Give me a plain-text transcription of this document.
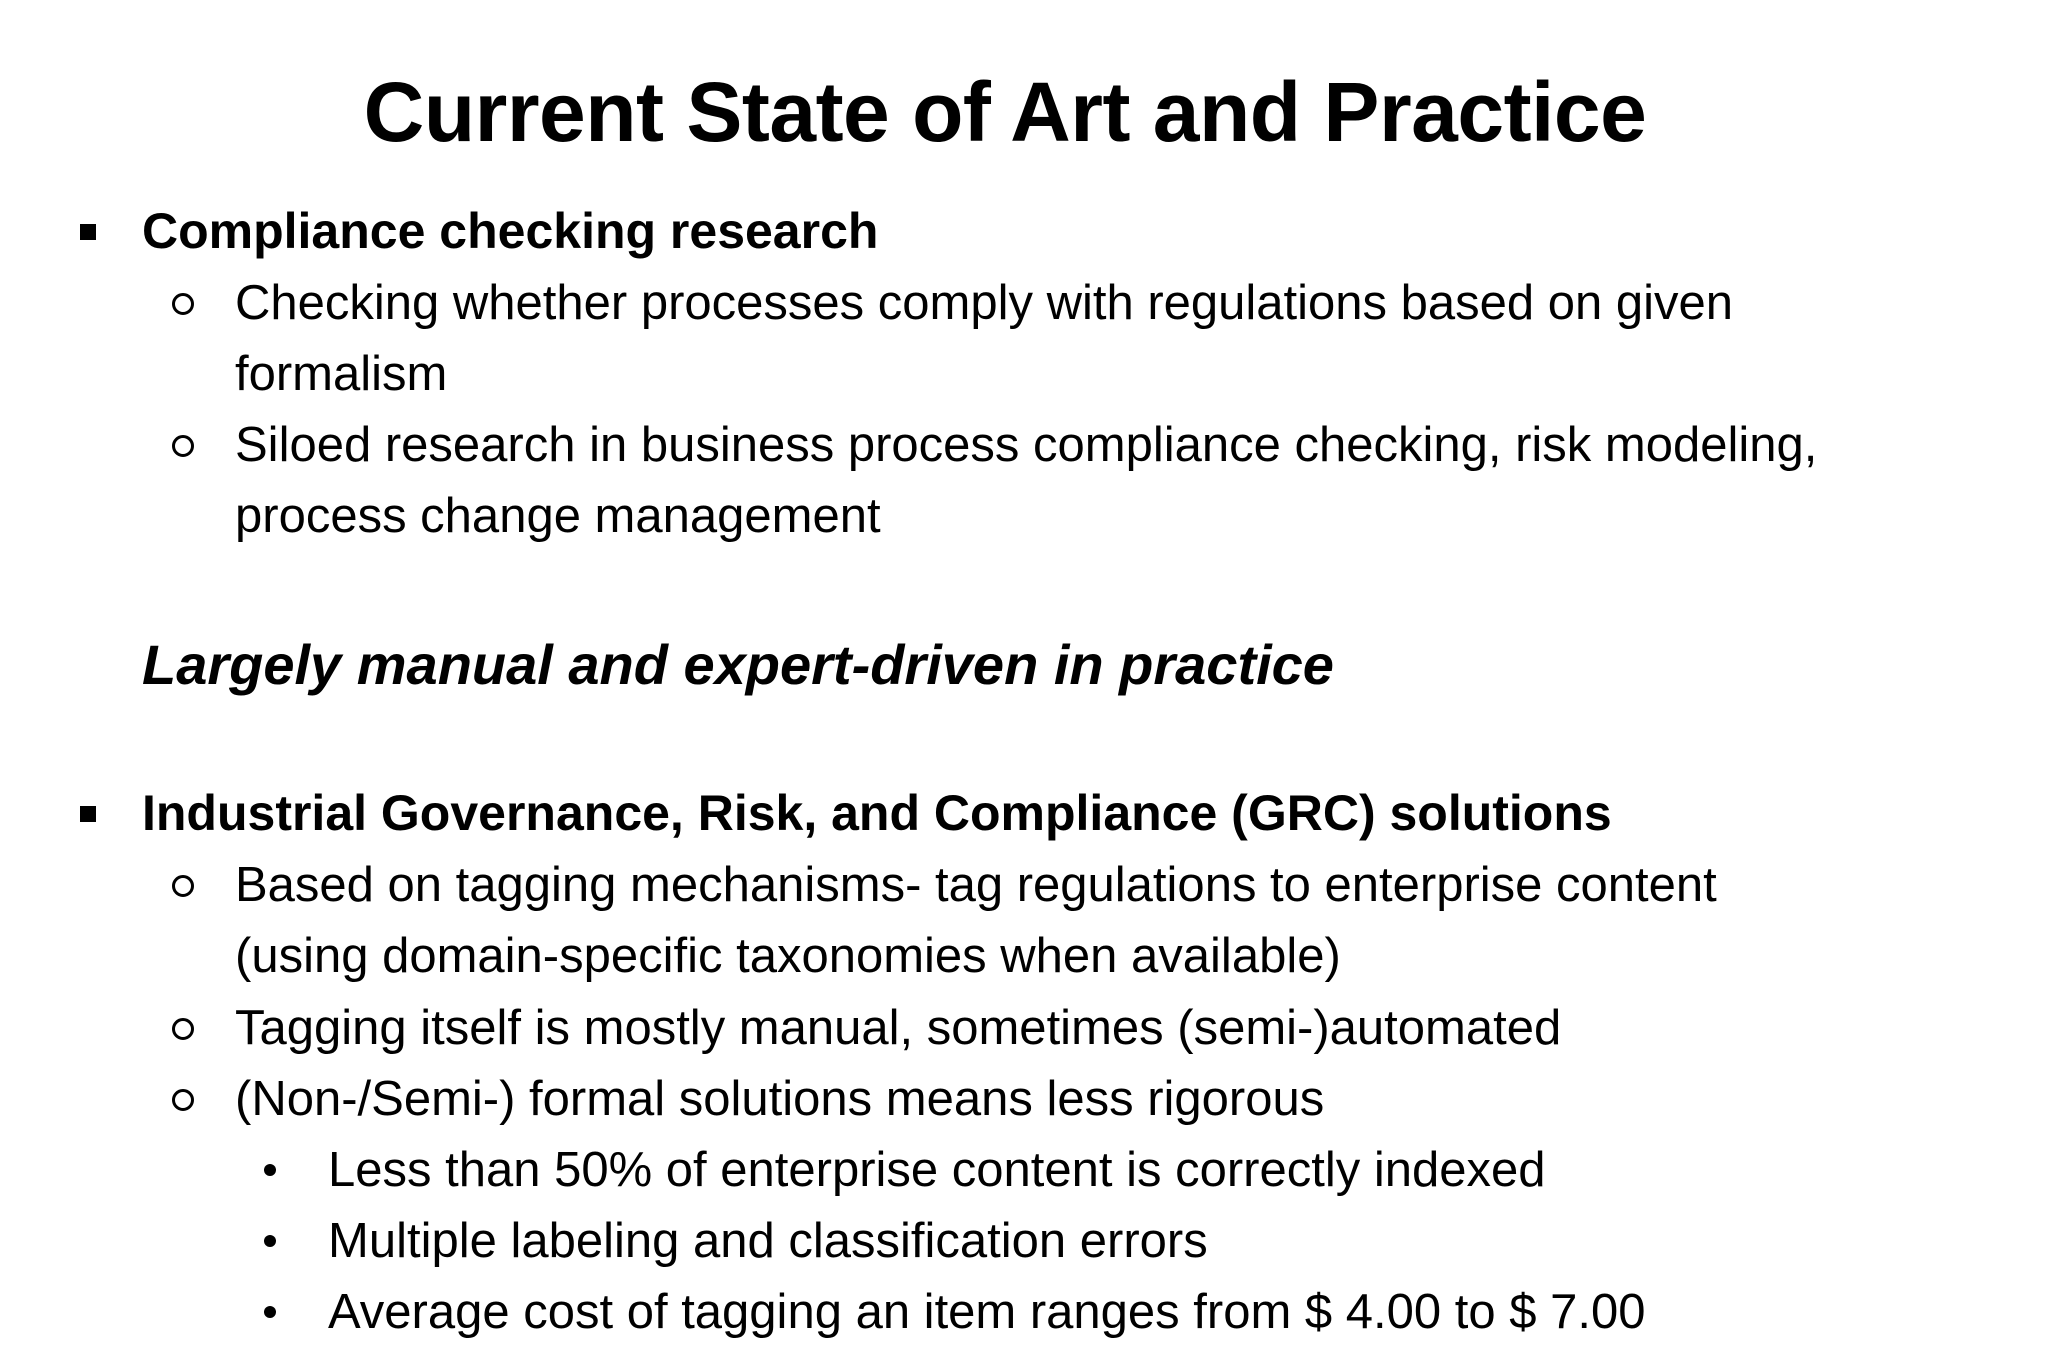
Current State of Art and Practice
Compliance checking research
Checking whether processes comply with regulations based on given
formalism
Siloed research in business process compliance checking, risk modeling,
process change management
Largely manual and expert-driven in practice
Industrial Governance, Risk, and Compliance (GRC) solutions
Based on tagging mechanisms- tag regulations to enterprise content
(using domain-specific taxonomies when available)
Tagging itself is mostly manual, sometimes (semi-)automated
(Non-/Semi-) formal solutions means less rigorous
Less than 50% of enterprise content is correctly indexed
Multiple labeling and classification errors
Average cost of tagging an item ranges from $ 4.00 to $ 7.00
